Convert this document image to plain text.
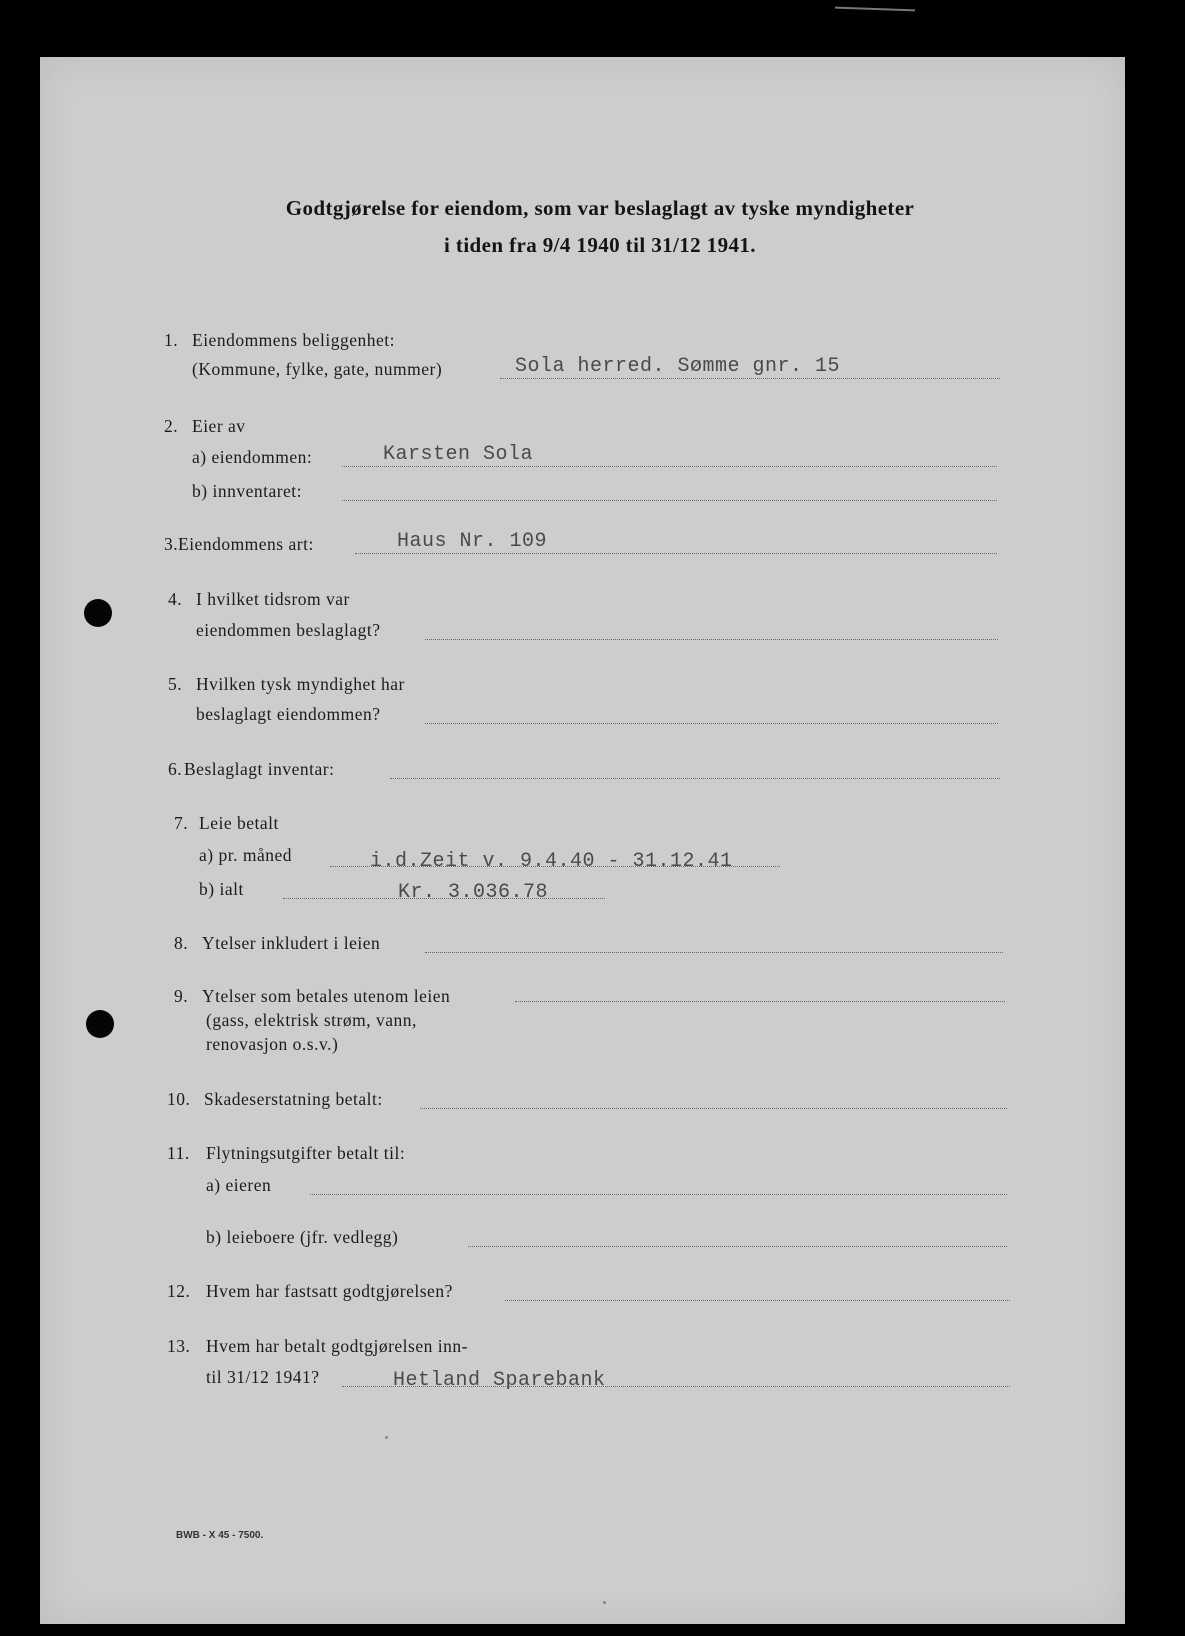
Godtgjørelse for eiendom, som var beslaglagt av tyske myndigheter
i tiden fra 9/4 1940 til 31/12 1941.
1. Eiendommens beliggenhet:
(Kommune, fylke, gate, nummer)	Sola herred. Sømme gnr. 15
2. Eier av
a) eiendommen:	Karsten Sola
b) innventaret:
3. Eiendommens art:	Haus Nr. 109
4. I hvilket tidsrom var
eiendommen beslaglagt?
5. Hvilken tysk myndighet har
beslaglagt eiendommen?
6. Beslaglagt inventar:
7. Leie betalt
a) pr. måned	i.d.Zeit v. 9.4.40 - 31.12.41
b) ialt	Kr. 3.036.78
8. Ytelser inkludert i leien
9. Ytelser som betales utenom leien
(gass, elektrisk strøm, vann,
renovasjon o.s.v.)
10. Skadeserstatning betalt:
11. Flytningsutgifter betalt til:
a) eieren
b) leieboere (jfr. vedlegg)
12. Hvem har fastsatt godtgjørelsen?
13. Hvem har betalt godtgjørelsen inn-
til 31/12 1941?	Hetland Sparebank
BWB - X 45 - 7500.
